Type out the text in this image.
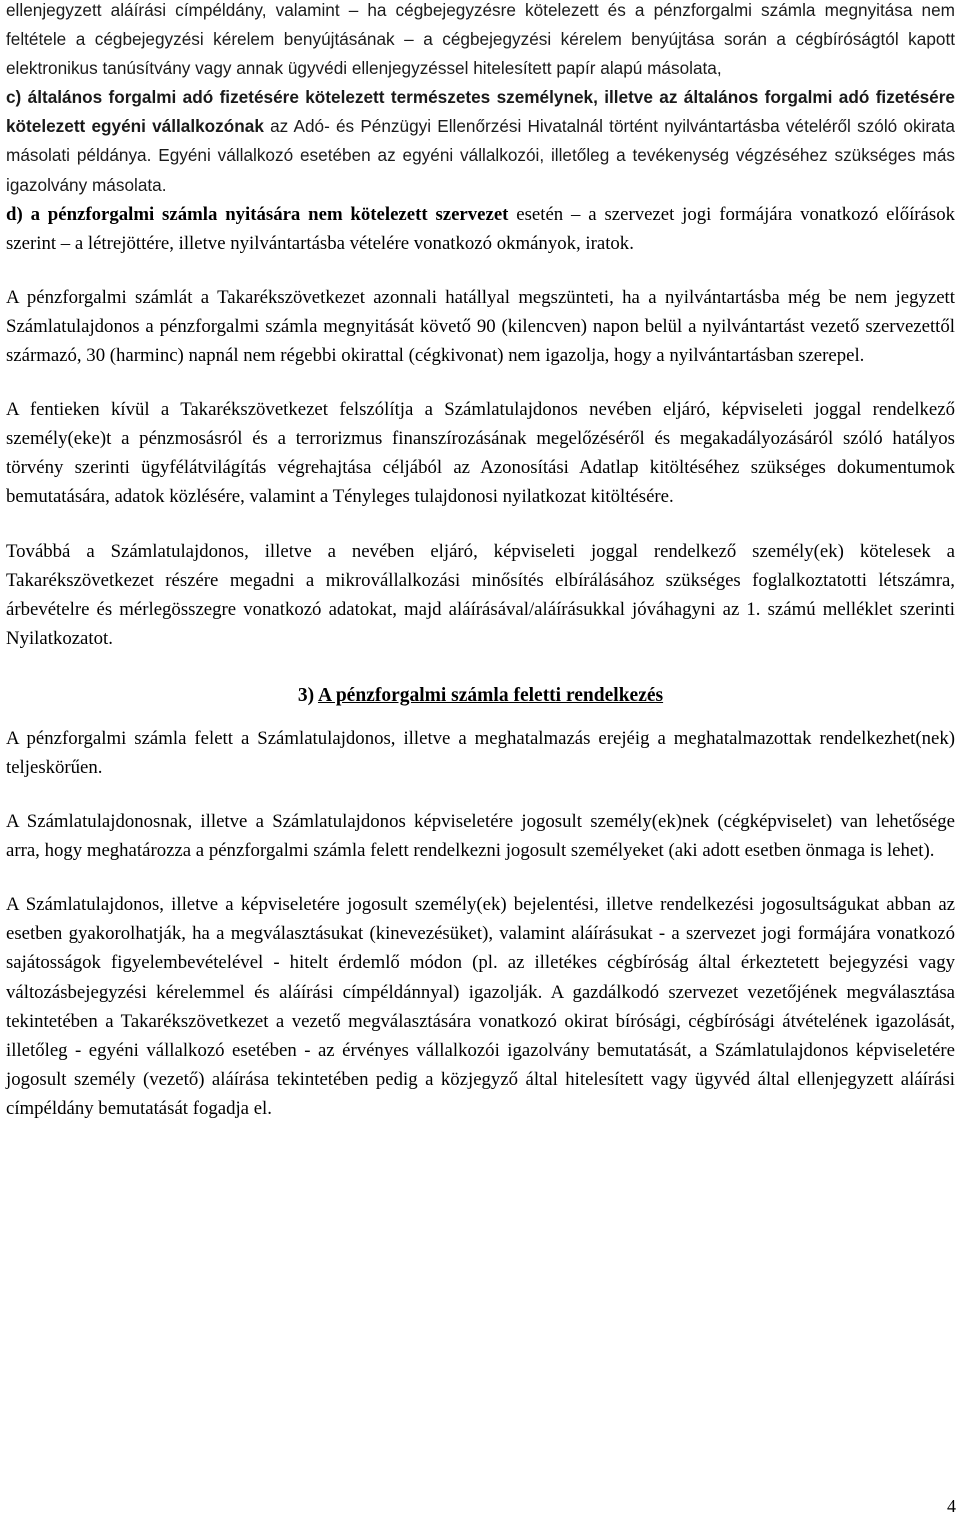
ellenjegyzett aláírási címpéldány, valamint – ha cégbejegyzésre kötelezett és a pénzforgalmi számla megnyitása nem feltétele a cégbejegyzési kérelem benyújtásának – a cégbejegyzési kérelem benyújtása során a cégbíróságtól kapott elektronikus tanúsítvány vagy annak ügyvédi ellenjegyzéssel hitelesített papír alapú másolata,

c) általános forgalmi adó fizetésére kötelezett természetes személynek, illetve az általános forgalmi adó fizetésére kötelezett egyéni vállalkozónak az Adó- és Pénzügyi Ellenőrzési Hivatalnál történt nyilvántartásba vételéről szóló okirata másolati példánya. Egyéni vállalkozó esetében az egyéni vállalkozói, illetőleg a tevékenység végzéséhez szükséges más igazolvány másolata.

d) a pénzforgalmi számla nyitására nem kötelezett szervezet esetén – a szervezet jogi formájára vonatkozó előírások szerint – a létrejöttére, illetve nyilvántartásba vételére vonatkozó okmányok, iratok.

A pénzforgalmi számlát a Takarékszövetkezet azonnali hatállyal megszünteti, ha a nyilvántartásba még be nem jegyzett Számlatulajdonos a pénzforgalmi számla megnyitását követő 90 (kilencven) napon belül a nyilvántartást vezető szervezettől származó, 30 (harminc) napnál nem régebbi okirattal (cégkivonat) nem igazolja, hogy a nyilvántartásban szerepel.

A fentieken kívül a Takarékszövetkezet felszólítja a Számlatulajdonos nevében eljáró, képviseleti joggal rendelkező személy(eke)t a pénzmosásról és a terrorizmus finanszírozásának megelőzéséről és megakadályozásáról szóló hatályos törvény szerinti ügyfélátvilágítás végrehajtása céljából az Azonosítási Adatlap kitöltéséhez szükséges dokumentumok bemutatására, adatok közlésére, valamint a Tényleges tulajdonosi nyilatkozat kitöltésére.

Továbbá a Számlatulajdonos, illetve a nevében eljáró, képviseleti joggal rendelkező személy(ek) kötelesek a Takarékszövetkezet részére megadni a mikrovállalkozási minősítés elbírálásához szükséges foglalkoztatotti létszámra, árbevételre és mérlegösszegre vonatkozó adatokat, majd aláírásával/aláírásukkal jóváhagyni az 1. számú melléklet szerinti Nyilatkozatot.

3) A pénzforgalmi számla feletti rendelkezés

A pénzforgalmi számla felett a Számlatulajdonos, illetve a meghatalmazás erejéig a meghatalmazottak rendelkezhet(nek) teljeskörűen.

A Számlatulajdonosnak, illetve a Számlatulajdonos képviseletére jogosult személy(ek)nek (cégképviselet) van lehetősége arra, hogy meghatározza a pénzforgalmi számla felett rendelkezni jogosult személyeket (aki adott esetben önmaga is lehet).

A Számlatulajdonos, illetve a képviseletére jogosult személy(ek) bejelentési, illetve rendelkezési jogosultságukat abban az esetben gyakorolhatják, ha a megválasztásukat (kinevezésüket), valamint aláírásukat - a szervezet jogi formájára vonatkozó sajátosságok figyelembevételével - hitelt érdemlő módon (pl. az illetékes cégbíróság által érkeztetett bejegyzési vagy változásbejegyzési kérelemmel és aláírási címpéldánnyal) igazolják. A gazdálkodó szervezet vezetőjének megválasztása tekintetében a Takarékszövetkezet a vezető megválasztására vonatkozó okirat bírósági, cégbírósági átvételének igazolását, illetőleg - egyéni vállalkozó esetében - az érvényes vállalkozói igazolvány bemutatását, a Számlatulajdonos képviseletére jogosult személy (vezető) aláírása tekintetében pedig a közjegyző által hitelesített vagy ügyvéd által ellenjegyzett aláírási címpéldány bemutatását fogadja el.

4
